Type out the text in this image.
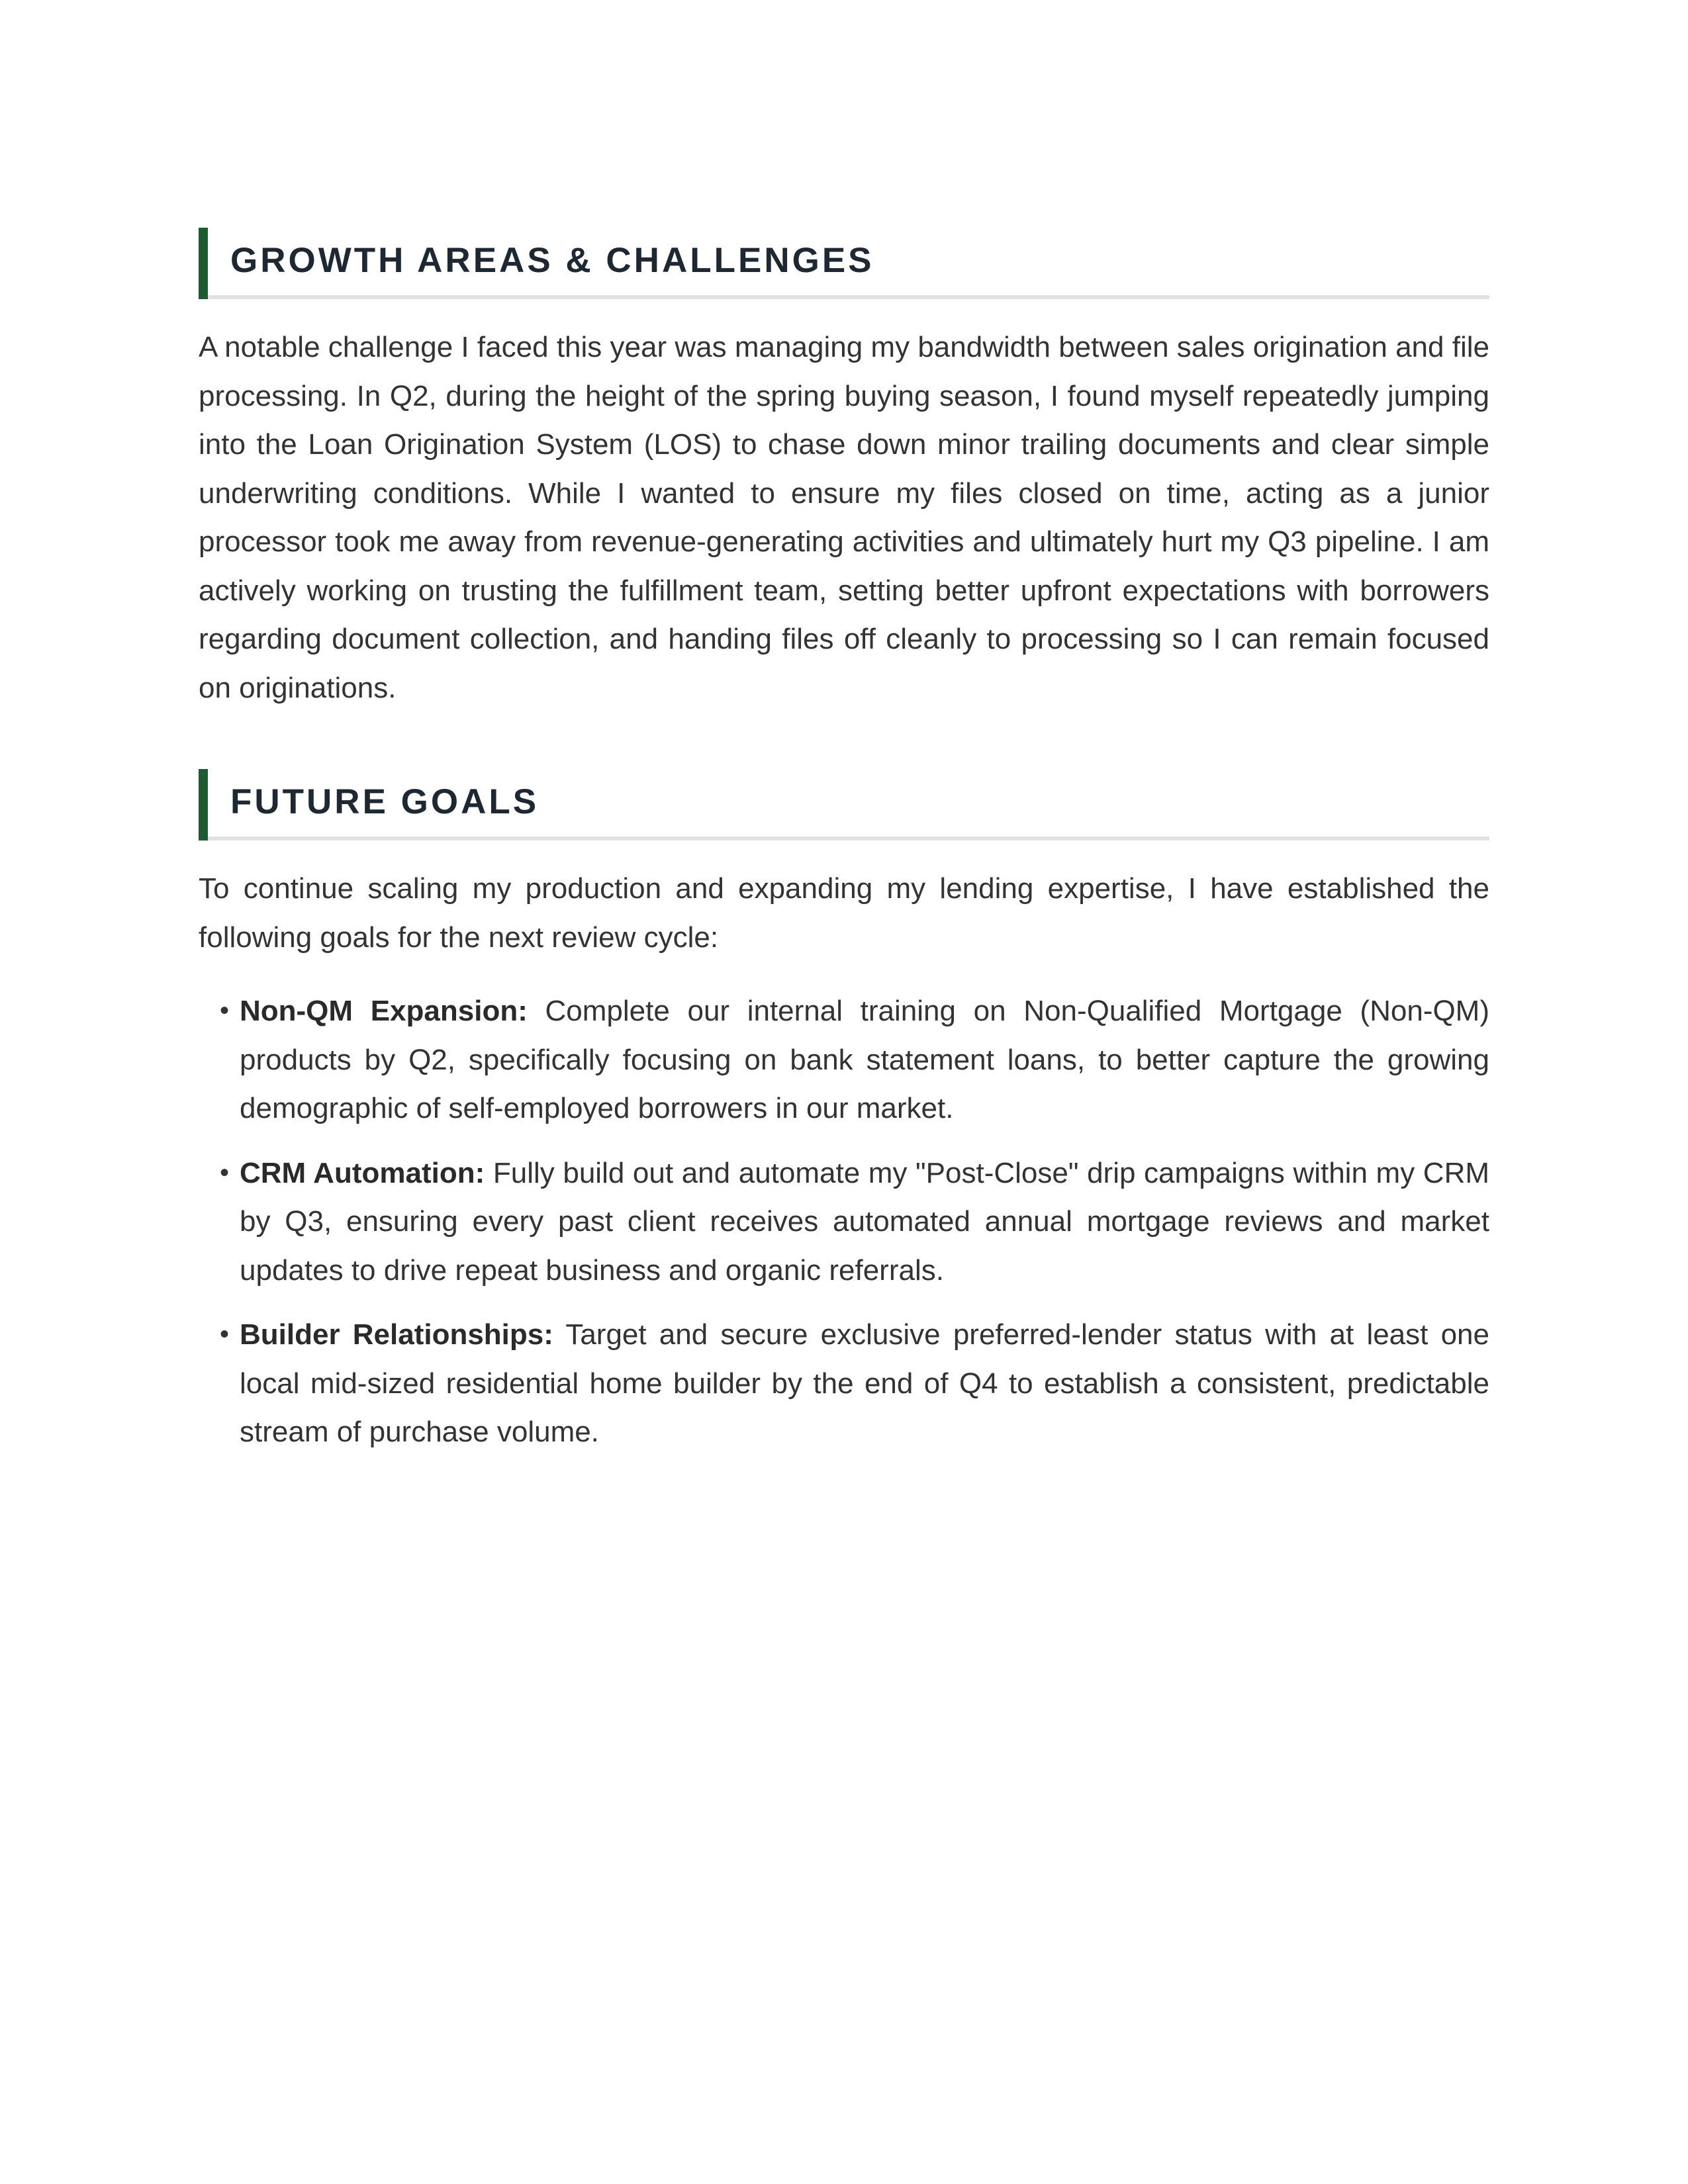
GROWTH AREAS & CHALLENGES

A notable challenge I faced this year was managing my bandwidth between sales origination and file processing. In Q2, during the height of the spring buying season, I found myself repeatedly jumping into the Loan Origination System (LOS) to chase down minor trailing documents and clear simple underwriting conditions. While I wanted to ensure my files closed on time, acting as a junior processor took me away from revenue-generating activities and ultimately hurt my Q3 pipeline. I am actively working on trusting the fulfillment team, setting better upfront expectations with borrowers regarding document collection, and handing files off cleanly to processing so I can remain focused on originations.

FUTURE GOALS

To continue scaling my production and expanding my lending expertise, I have established the following goals for the next review cycle:

• Non-QM Expansion: Complete our internal training on Non-Qualified Mortgage (Non-QM) products by Q2, specifically focusing on bank statement loans, to better capture the growing demographic of self-employed borrowers in our market.
• CRM Automation: Fully build out and automate my "Post-Close" drip campaigns within my CRM by Q3, ensuring every past client receives automated annual mortgage reviews and market updates to drive repeat business and organic referrals.
• Builder Relationships: Target and secure exclusive preferred-lender status with at least one local mid-sized residential home builder by the end of Q4 to establish a consistent, predictable stream of purchase volume.
